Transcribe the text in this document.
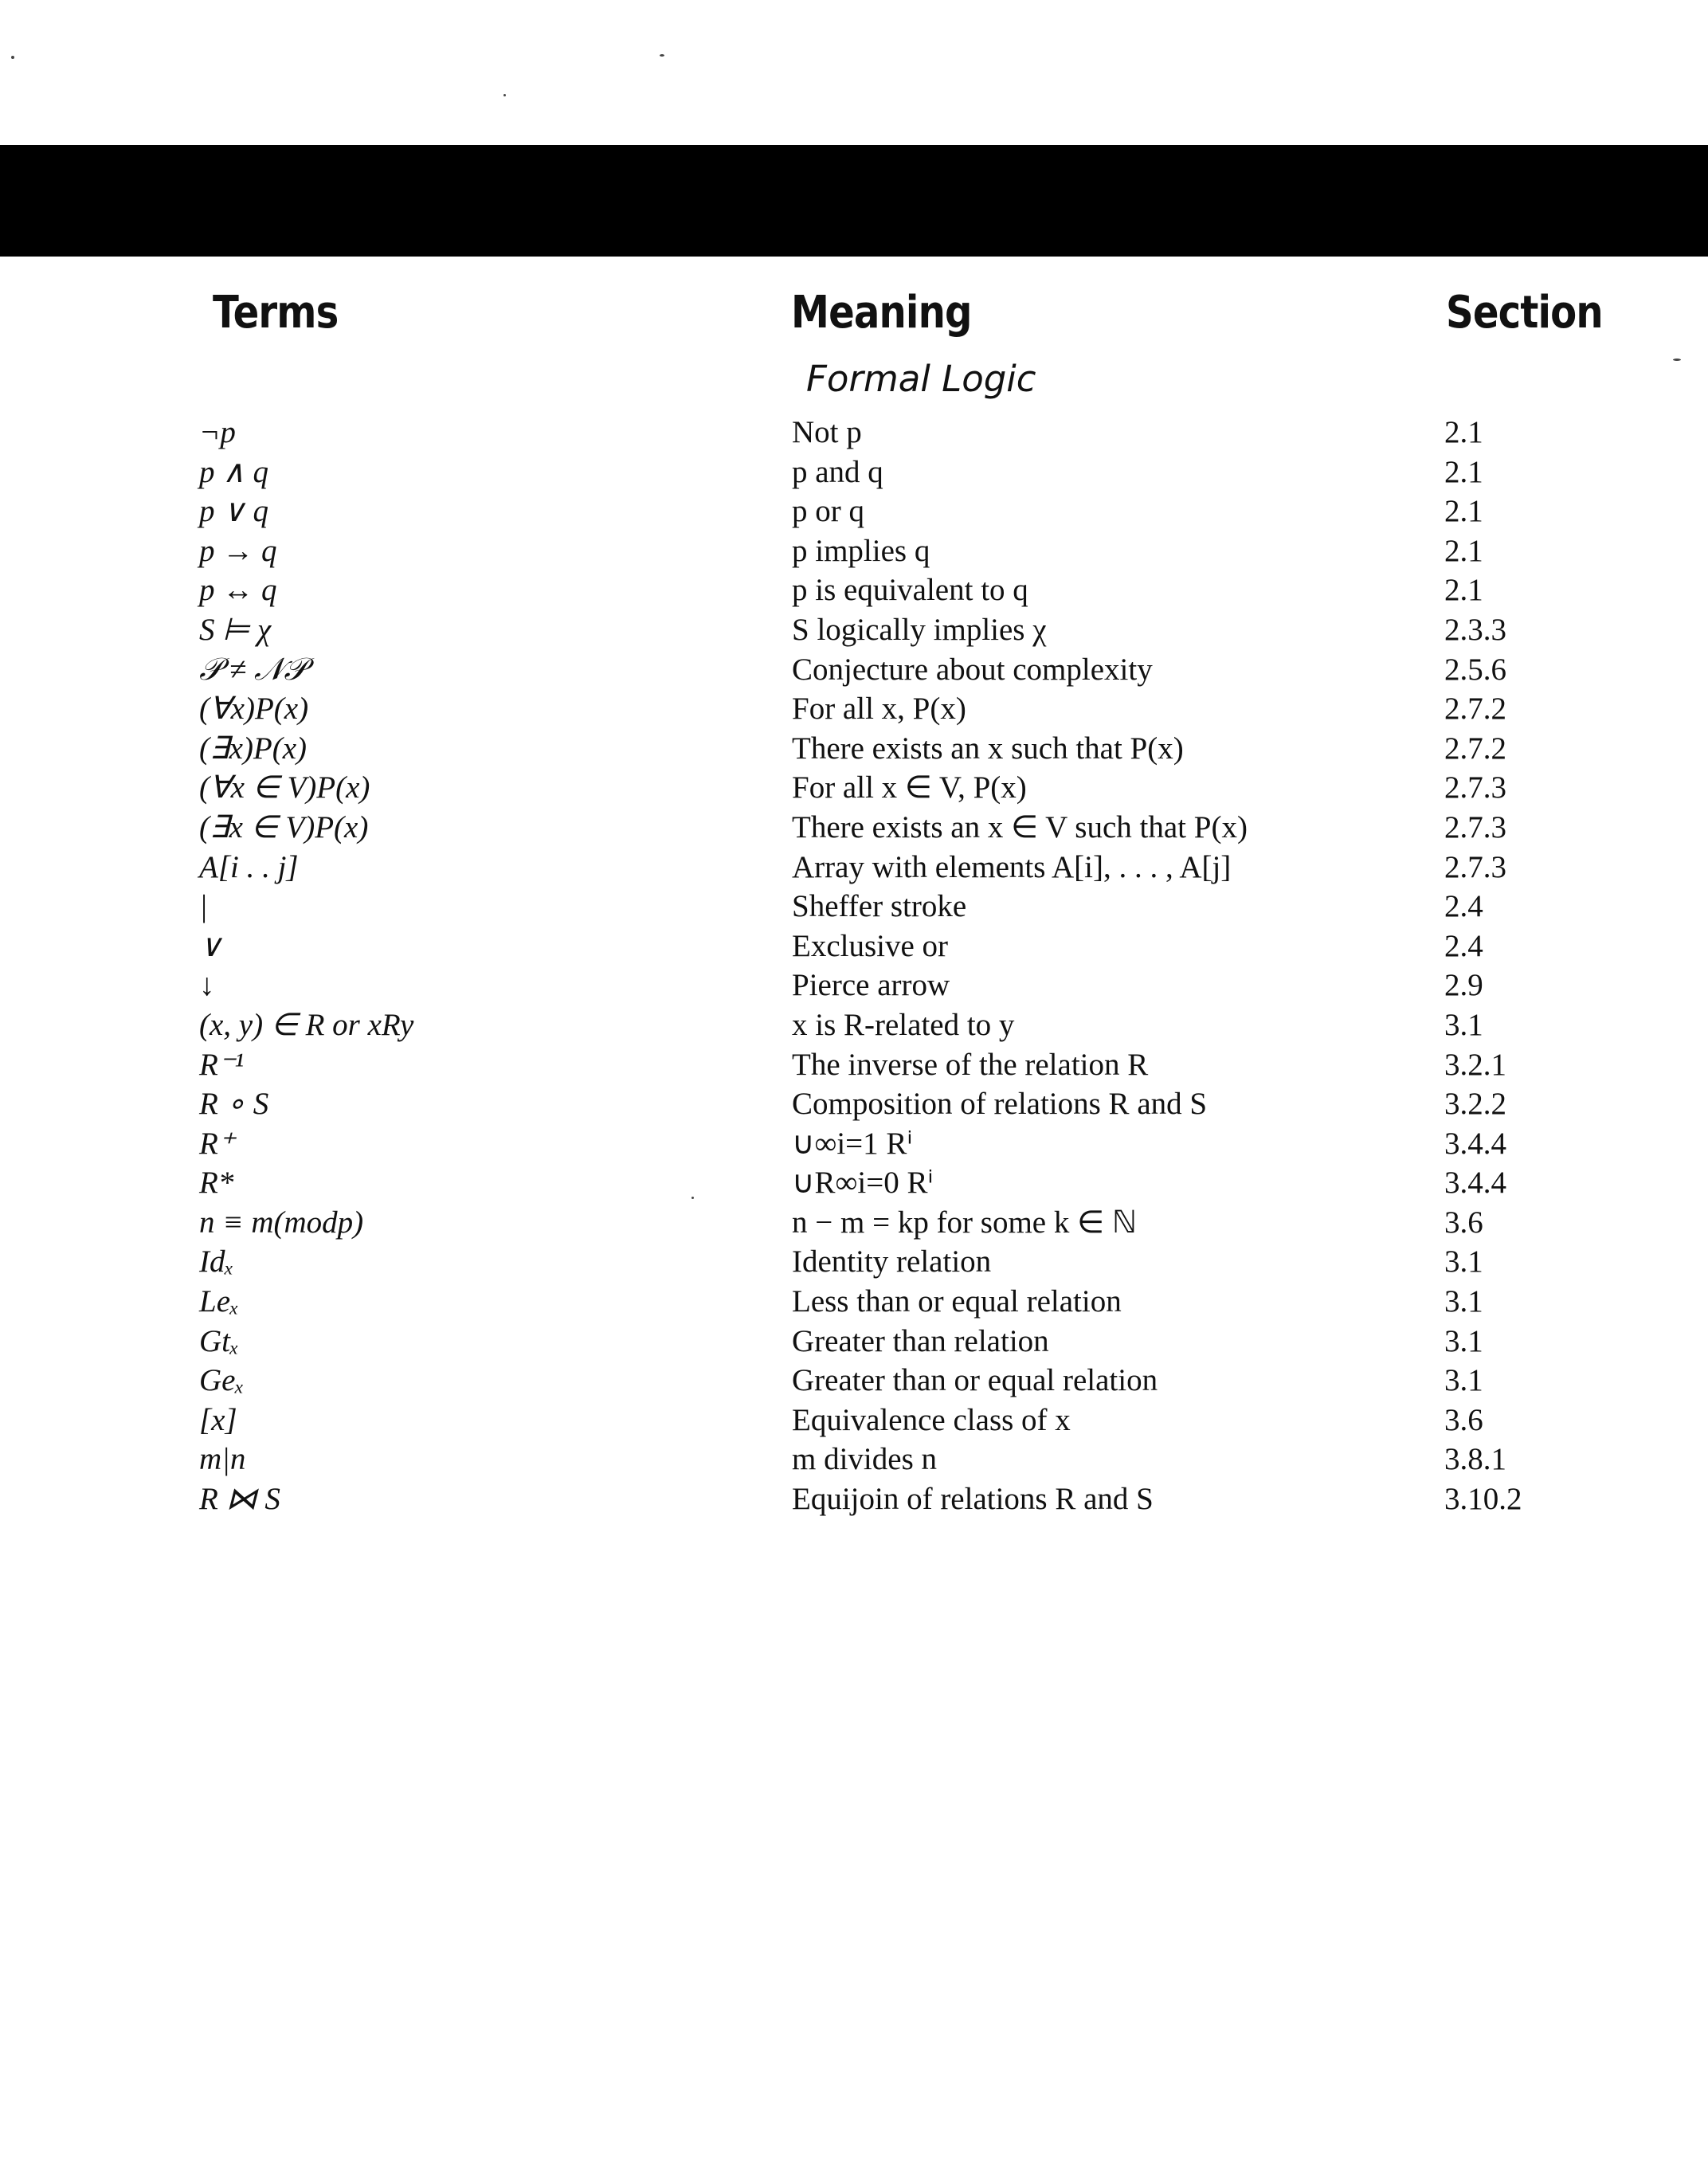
Terms	Meaning	Section
Formal Logic
¬p	Not p	2.1
p ∧ q	p and q	2.1
p ∨ q	p or q	2.1
p → q	p implies q	2.1
p ↔ q	p is equivalent to q	2.1
S ⊨ χ	S logically implies χ	2.3.3
𝒫 ≠ 𝒩𝒫	Conjecture about complexity	2.5.6
(∀x)P(x)	For all x, P(x)	2.7.2
(∃x)P(x)	There exists an x such that P(x)	2.7.2
(∀x ∈ V)P(x)	For all x ∈ V, P(x)	2.7.3
(∃x ∈ V)P(x)	There exists an x ∈ V such that P(x)	2.7.3
A[i . . j]	Array with elements A[i], . . . , A[j]	2.7.3
|	Sheffer stroke	2.4
∨	Exclusive or	2.4
↓	Pierce arrow	2.9
(x, y) ∈ R or xRy	x is R-related to y	3.1
R⁻¹	The inverse of the relation R	3.2.1
R ∘ S	Composition of relations R and S	3.2.2
R⁺	∪∞i=1 Rⁱ	3.4.4
R*	∪R∞i=0 Rⁱ	3.4.4
n ≡ m(modp)	n − m = kp for some k ∈ ℕ	3.6
Idₓ	Identity relation	3.1
Leₓ	Less than or equal relation	3.1
Gtₓ	Greater than relation	3.1
Geₓ	Greater than or equal relation	3.1
[x]	Equivalence class of x	3.6
m|n	m divides n	3.8.1
R ⋈ S	Equijoin of relations R and S	3.10.2
